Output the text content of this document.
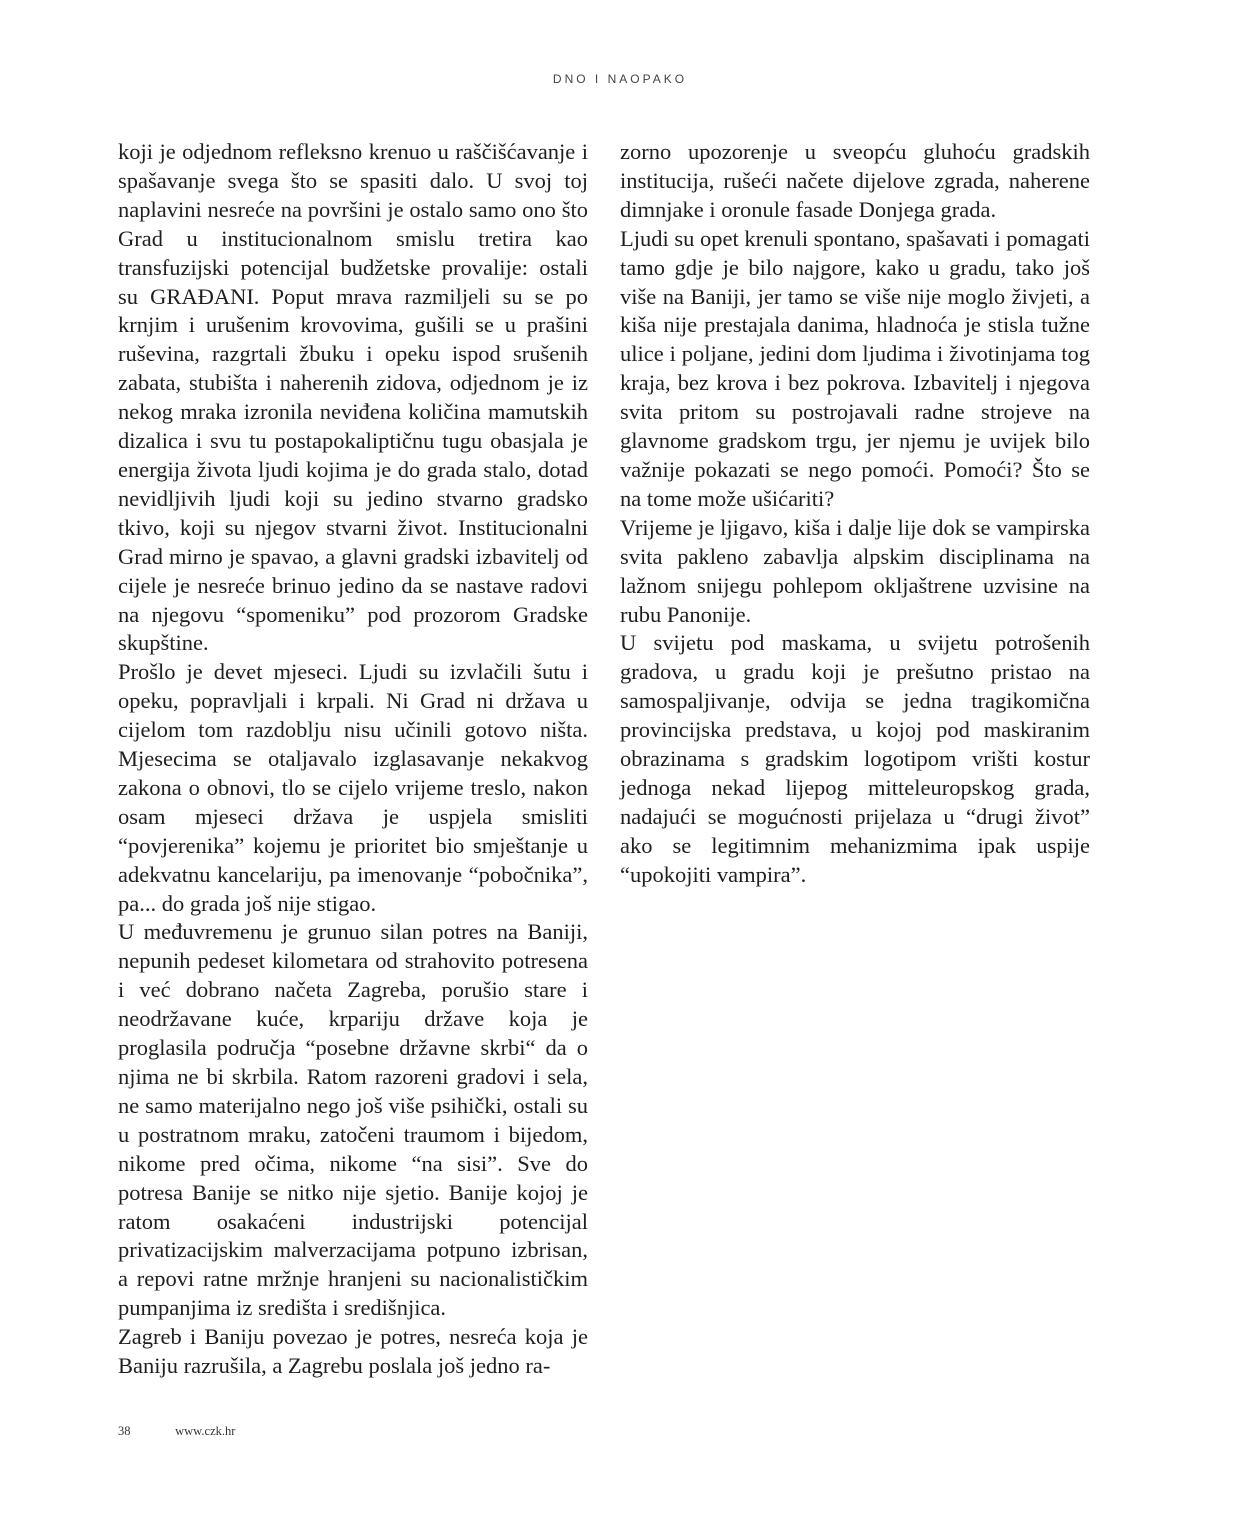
DNO I NAOPAKO

koji je odjednom refleksno krenuo u raščišćavanje i spašavanje svega što se spasiti dalo. U svoj toj naplavini nesreće na površini je ostalo samo ono što Grad u institucionalnom smislu tretira kao transfuzijski potencijal budžetske provalije: ostali su GRAĐANI. Poput mrava razmiljeli su se po krnjim i urušenim krovovima, gušili se u prašini ruševina, razgrtali žbuku i opeku ispod srušenih zabata, stubišta i naherenih zidova, odjednom je iz nekog mraka izronila neviđena količina mamutskih dizalica i svu tu postapokaliptičnu tugu obasjala je energija života ljudi kojima je do grada stalo, dotad nevidljivih ljudi koji su jedino stvarno gradsko tkivo, koji su njegov stvarni život. Institucionalni Grad mirno je spavao, a glavni gradski izbavitelj od cijele je nesreće brinuo jedino da se nastave radovi na njegovu “spomeniku” pod prozorom Gradske skupštine.

Prošlo je devet mjeseci. Ljudi su izvlačili šutu i opeku, popravljali i krpali. Ni Grad ni država u cijelom tom razdoblju nisu učinili gotovo ništa. Mjesecima se otaljavalo izglasavanje nekakvog zakona o obnovi, tlo se cijelo vrijeme treslo, nakon osam mjeseci država je uspjela smisliti “povjerenika” kojemu je prioritet bio smještanje u adekvatnu kancelariju, pa imenovanje “pobočnika”, pa... do grada još nije stigao.

U međuvremenu je grunuo silan potres na Baniji, nepunih pedeset kilometara od strahovito potresena i već dobrano načeta Zagreba, porušio stare i neodržavane kuće, krpariju države koja je proglasila područja “posebne državne skrbi“ da o njima ne bi skrbila. Ratom razoreni gradovi i sela, ne samo materijalno nego još više psihički, ostali su u postratnom mraku, zatočeni traumom i bijedom, nikome pred očima, nikome “na sisi”. Sve do potresa Banije se nitko nije sjetio. Banije kojoj je ratom osakaćeni industrijski potencijal privatizacijskim malverzacijama potpuno izbrisan, a repovi ratne mržnje hranjeni su nacionalističkim pumpanjima iz središta i središnjica.

Zagreb i Baniju povezao je potres, nesreća koja je Baniju razrušila, a Zagrebu poslala još jedno ra-

zorno upozorenje u sveopću gluhoću gradskih institucija, rušeći načete dijelove zgrada, naherene dimnjake i oronule fasade Donjega grada.

Ljudi su opet krenuli spontano, spašavati i pomagati tamo gdje je bilo najgore, kako u gradu, tako još više na Baniji, jer tamo se više nije moglo živjeti, a kiša nije prestajala danima, hladnoća je stisla tužne ulice i poljane, jedini dom ljudima i životinjama tog kraja, bez krova i bez pokrova. Izbavitelj i njegova svita pritom su postrojavali radne strojeve na glavnome gradskom trgu, jer njemu je uvijek bilo važnije pokazati se nego pomoći. Pomoći? Što se na tome može ušićariti?

Vrijeme je ljigavo, kiša i dalje lije dok se vampirska svita pakleno zabavlja alpskim disciplinama na lažnom snijegu pohlepom okljaštrene uzvisine na rubu Panonije.

U svijetu pod maskama, u svijetu potrošenih gradova, u gradu koji je prešutno pristao na samospaljivanje, odvija se jedna tragikomična provincijska predstava, u kojoj pod maskiranim obrazinama s gradskim logotipom vrišti kostur jednoga nekad lijepog mitteleuropskog grada, nadajući se mogućnosti prijelaza u “drugi život” ako se legitimnim mehanizmima ipak uspije “upokojiti vampira”.

38	www.czk.hr
